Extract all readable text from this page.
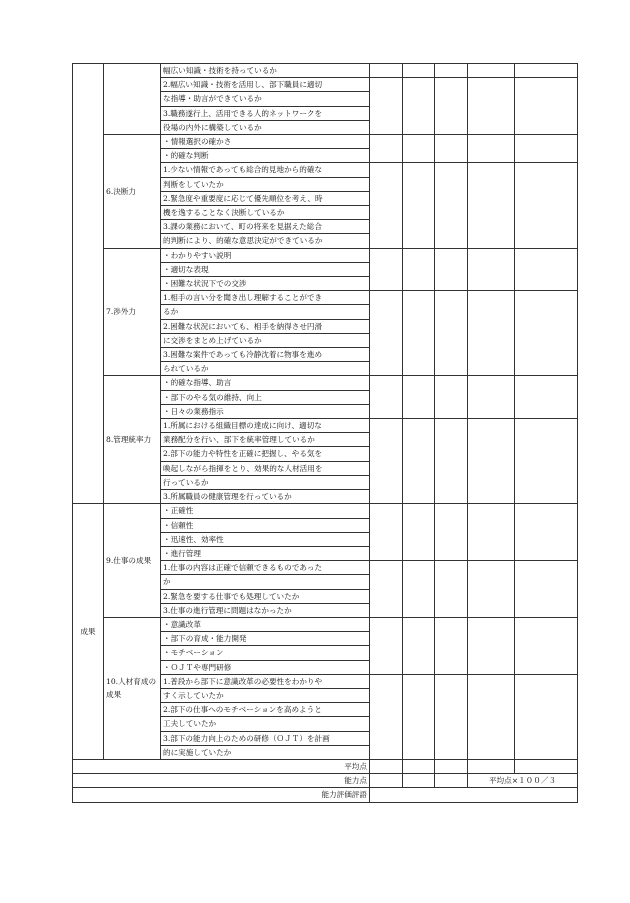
		幅広い知識・技術を持っているか					
		2.幅広い知識・技術を活用し、部下職員に適切					
		な指導・助言ができているか					
		3.職務遂行上、活用できる人的ネットワークを					
		役場の内外に構築しているか					
	6.決断力	・情報選択の確かさ					
		・的確な判断					
		1.少ない情報であっても総合的見地から的確な					
		判断をしていたか					
		2.緊急度や重要度に応じて優先順位を考え、時					
		機を逸することなく決断しているか					
		3.課の業務において、町の将来を見据えた総合					
		的判断により、的確な意思決定ができているか					
	7.渉外力	・わかりやすい説明					
		・適切な表現					
		・困難な状況下での交渉					
		1.相手の言い分を聞き出し理解することができ					
		るか					
		2.困難な状況においても、相手を納得させ円滑					
		に交渉をまとめ上げているか					
		3.困難な案件であっても冷静沈着に物事を進め					
		られているか					
	8.管理統率力	・的確な指導、助言					
		・部下のやる気の維持、向上					
		・日々の業務指示					
		1.所属における組織目標の達成に向け、適切な					
		業務配分を行い、部下を統率管理しているか					
		2.部下の能力や特性を正確に把握し、やる気を					
		喚起しながら指揮をとり、効果的な人材活用を					
		行っているか					
		3.所属職員の健康管理を行っているか					
成果	9.仕事の成果	・正確性					
		・信頼性					
		・迅速性、効率性					
		・進行管理					
		1.仕事の内容は正確で信頼できるものであった					
		か					
		2.緊急を要する仕事でも処理していたか					
		3.仕事の進行管理に問題はなかったか					
	10.人材育成の成果	・意識改革					
		・部下の育成・能力開発					
		・モチベーション					
		・ＯＪＴや専門研修					
		1.普段から部下に意識改革の必要性をわかりや					
		すく示していたか					
		2.部下の仕事へのモチベーションを高めようと					
		工夫していたか					
		3.部下の能力向上のための研修（ＯＪＴ）を計画					
		的に実施していたか					
平均点							
能力点						平均点×１００／３	
能力評価評語							
